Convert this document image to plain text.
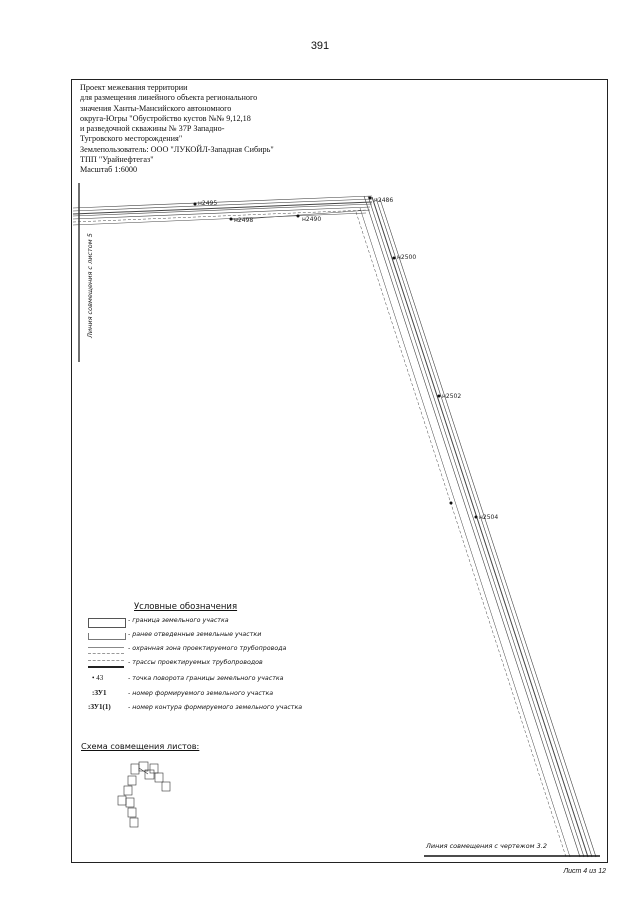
391
Проект межевания территории
для размещения линейного объекта регионального
значения Ханты-Мансийского автономного
округа-Югры "Обустройство кустов №№ 9,12,18
и разведочной скважины № 37Р Западно-
Тугровского месторождения"
Землепользователь: ООО "ЛУКОЙЛ-Западная Сибирь"
ТПП "Урайнефтегаз"
Масштаб 1:6000
н2495
н2498	н2490
н2486
н2500
н2502
н2504
Линия совмещения с листом 5
Линия совмещения с чертежом 3.2
Условные обозначения
- граница земельного участка
- ранее отведенные земельные участки
- охранная зона проектируемого трубопровода
- трассы проектируемых трубопроводов
• 43	- точка поворота границы земельного участка
:ЗУ1	- номер формируемого земельного участка
:ЗУ1(1)	- номер контура формируемого земельного участка
Схема совмещения листов:
Лист 4 из 12
